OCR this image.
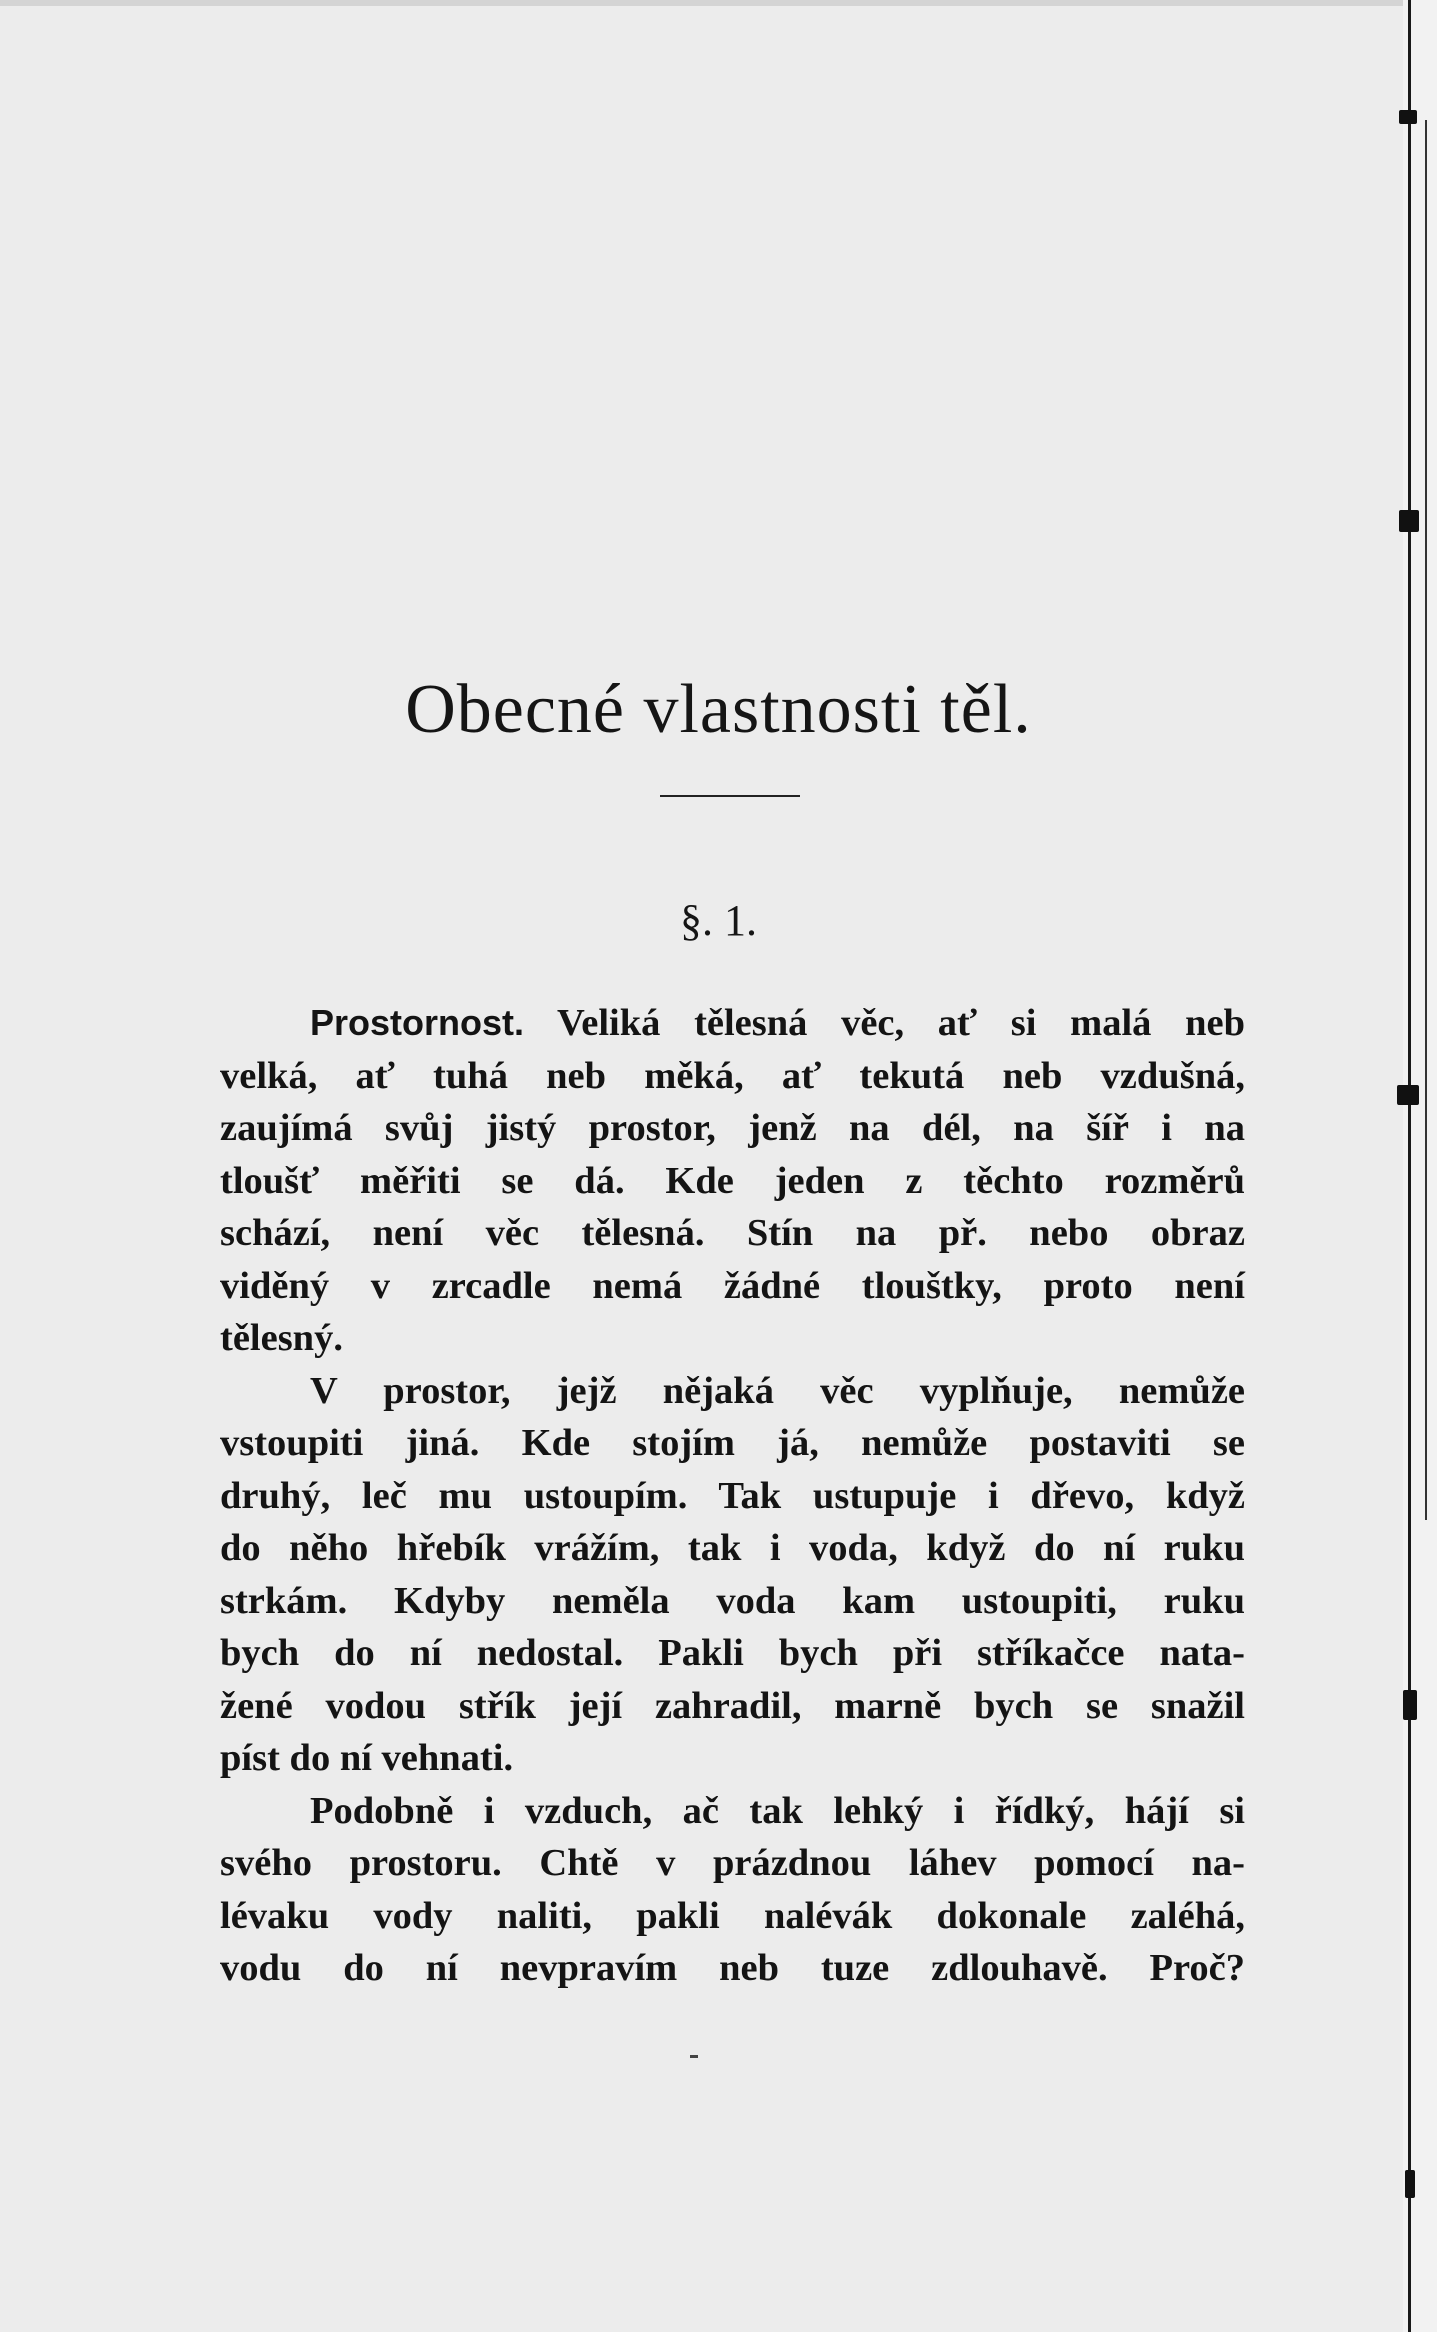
Obecné vlastnosti těl.
§. 1.

Prostornost. Veliká tělesná věc, ať si malá neb
velká, ať tuhá neb měká, ať tekutá neb vzdušná,
zaujímá svůj jistý prostor, jenž na dél, na šíř i na
tloušť měřiti se dá. Kde jeden z těchto rozměrů
schází, není věc tělesná. Stín na př. nebo obraz
viděný v zrcadle nemá žádné tlouštky, proto není
tělesný.

V prostor, jejž nějaká věc vyplňuje, nemůže
vstoupiti jiná. Kde stojím já, nemůže postaviti se
druhý, leč mu ustoupím. Tak ustupuje i dřevo, když
do něho hřebík vrážím, tak i voda, když do ní ruku
strkám. Kdyby neměla voda kam ustoupiti, ruku
bych do ní nedostal. Pakli bych při stříkačce nata-
žené vodou střík její zahradil, marně bych se snažil
píst do ní vehnati.

Podobně i vzduch, ač tak lehký i řídký, hájí si
svého prostoru. Chtě v prázdnou láhev pomocí na-
lévaku vody naliti, pakli nalévák dokonale zaléhá,
vodu do ní nevpravím neb tuze zdlouhavě. Proč?
